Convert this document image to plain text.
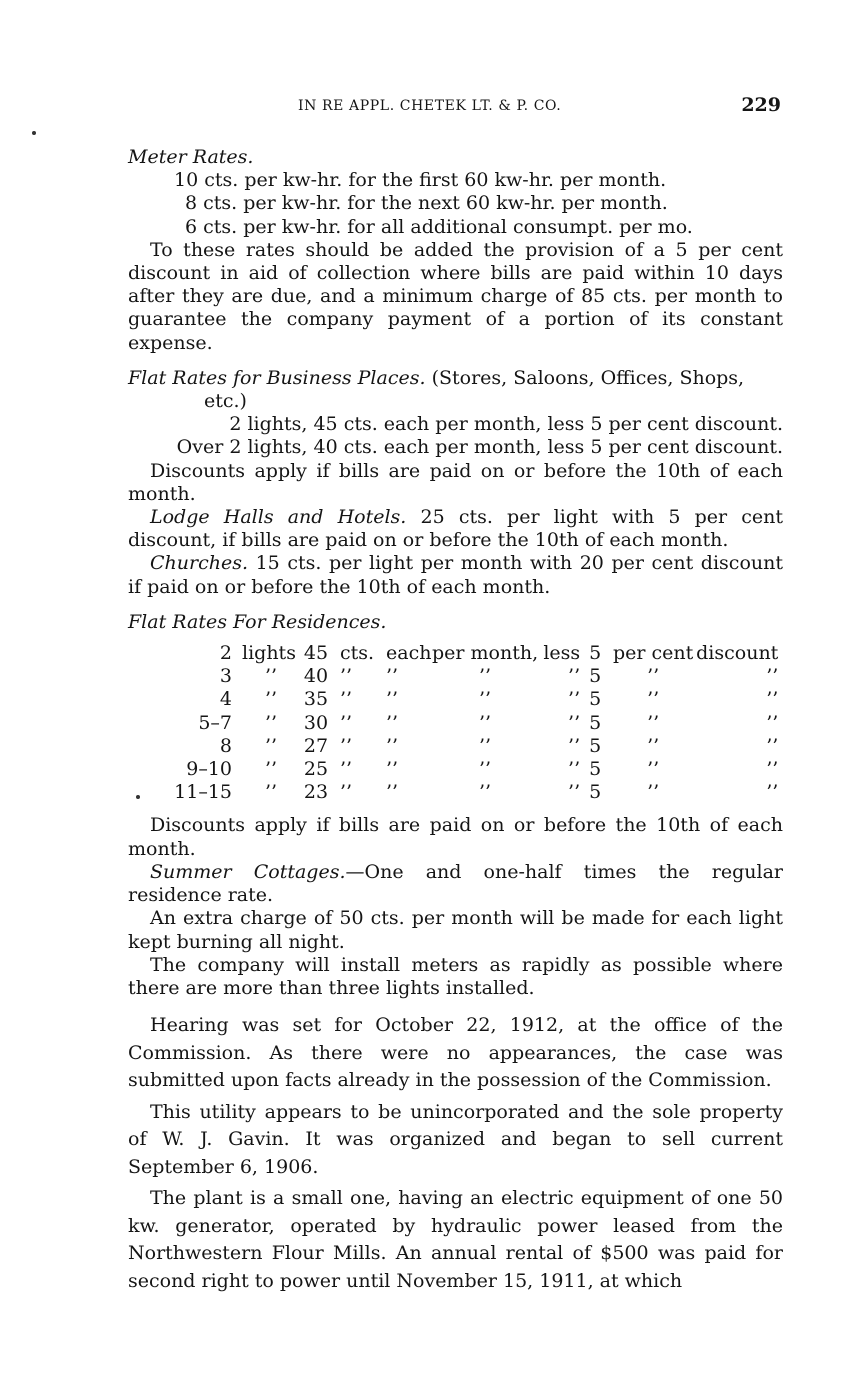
IN RE APPL. CHETEK LT. & P. CO.	229

Meter Rates.

10 cts. per kw-hr. for the first 60 kw-hr. per month.

8 cts. per kw-hr. for the next 60 kw-hr. per month.

6 cts. per kw-hr. for all additional consumpt. per mo.

To these rates should be added the provision of a 5 per cent discount in aid of collection where bills are paid within 10 days after they are due, and a minimum charge of 85 cts. per month to guarantee the company payment of a portion of its constant expense.

Flat Rates for Business Places. (Stores, Saloons, Offices, Shops,

etc.)

2 lights, 45 cts. each per month, less 5 per cent discount.

Over 2 lights, 40 cts. each per month, less 5 per cent discount.

Discounts apply if bills are paid on or before the 10th of each month.

Lodge Halls and Hotels. 25 cts. per light with 5 per cent discount, if bills are paid on or before the 10th of each month.

Churches. 15 cts. per light per month with 20 per cent discount if paid on or before the 10th of each month.

Flat Rates For Residences.

2	lights	45	cts.	each	per month,	less	5	per cent	discount
3	’’	40	’’	’’	’’	’’	5	’’	’’
4	’’	35	’’	’’	’’	’’	5	’’	’’
5–7	’’	30	’’	’’	’’	’’	5	’’	’’
8	’’	27	’’	’’	’’	’’	5	’’	’’
9–10	’’	25	’’	’’	’’	’’	5	’’	’’
11–15	’’	23	’’	’’	’’	’’	5	’’	’’

Discounts apply if bills are paid on or before the 10th of each month.

Summer Cottages.—One and one-half times the regular residence rate.

An extra charge of 50 cts. per month will be made for each light kept burning all night.

The company will install meters as rapidly as possible where there are more than three lights installed.

Hearing was set for October 22, 1912, at the office of the Commission. As there were no appearances, the case was submitted upon facts already in the possession of the Commission.

This utility appears to be unincorporated and the sole property of W. J. Gavin. It was organized and began to sell current September 6, 1906.

The plant is a small one, having an electric equipment of one 50 kw. generator, operated by hydraulic power leased from the Northwestern Flour Mills. An annual rental of $500 was paid for second right to power until November 15, 1911, at which
